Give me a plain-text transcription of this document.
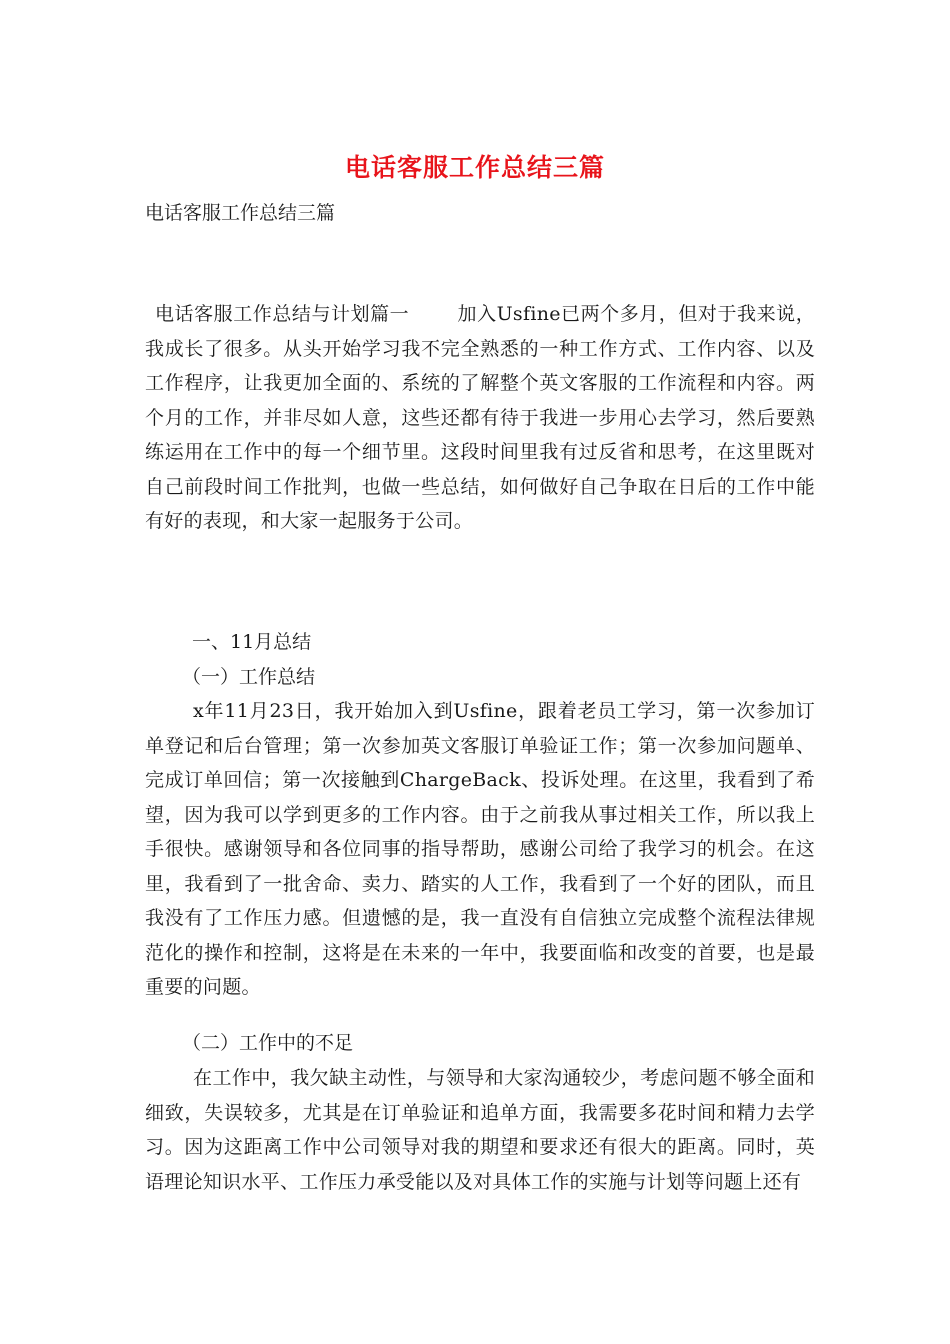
电话客服工作总结三篇
电话客服工作总结三篇
电话客服工作总结与计划篇一	加入Usfine已两个多月，但对于我来说，我成长了很多。从头开始学习我不完全熟悉的一种工作方式、工作内容、以及工作程序，让我更加全面的、系统的了解整个英文客服的工作流程和内容。两个月的工作，并非尽如人意，这些还都有待于我进一步用心去学习，然后要熟练运用在工作中的每一个细节里。这段时间里我有过反省和思考，在这里既对自己前段时间工作批判，也做一些总结，如何做好自己争取在日后的工作中能有好的表现，和大家一起服务于公司。
一、11月总结
（一）工作总结
x年11月23日，我开始加入到Usfine，跟着老员工学习，第一次参加订单登记和后台管理；第一次参加英文客服订单验证工作；第一次参加问题单、完成订单回信；第一次接触到ChargeBack、投诉处理。在这里，我看到了希望，因为我可以学到更多的工作内容。由于之前我从事过相关工作，所以我上手很快。感谢领导和各位同事的指导帮助，感谢公司给了我学习的机会。在这里，我看到了一批舍命、卖力、踏实的人工作，我看到了一个好的团队，而且我没有了工作压力感。但遗憾的是，我一直没有自信独立完成整个流程法律规范化的操作和控制，这将是在未来的一年中，我要面临和改变的首要，也是最重要的问题。
（二）工作中的不足
在工作中，我欠缺主动性，与领导和大家沟通较少，考虑问题不够全面和细致，失误较多，尤其是在订单验证和追单方面，我需要多花时间和精力去学习。因为这距离工作中公司领导对我的期望和要求还有很大的距离。同时，英语理论知识水平、工作压力承受能以及对具体工作的实施与计划等问题上还有
